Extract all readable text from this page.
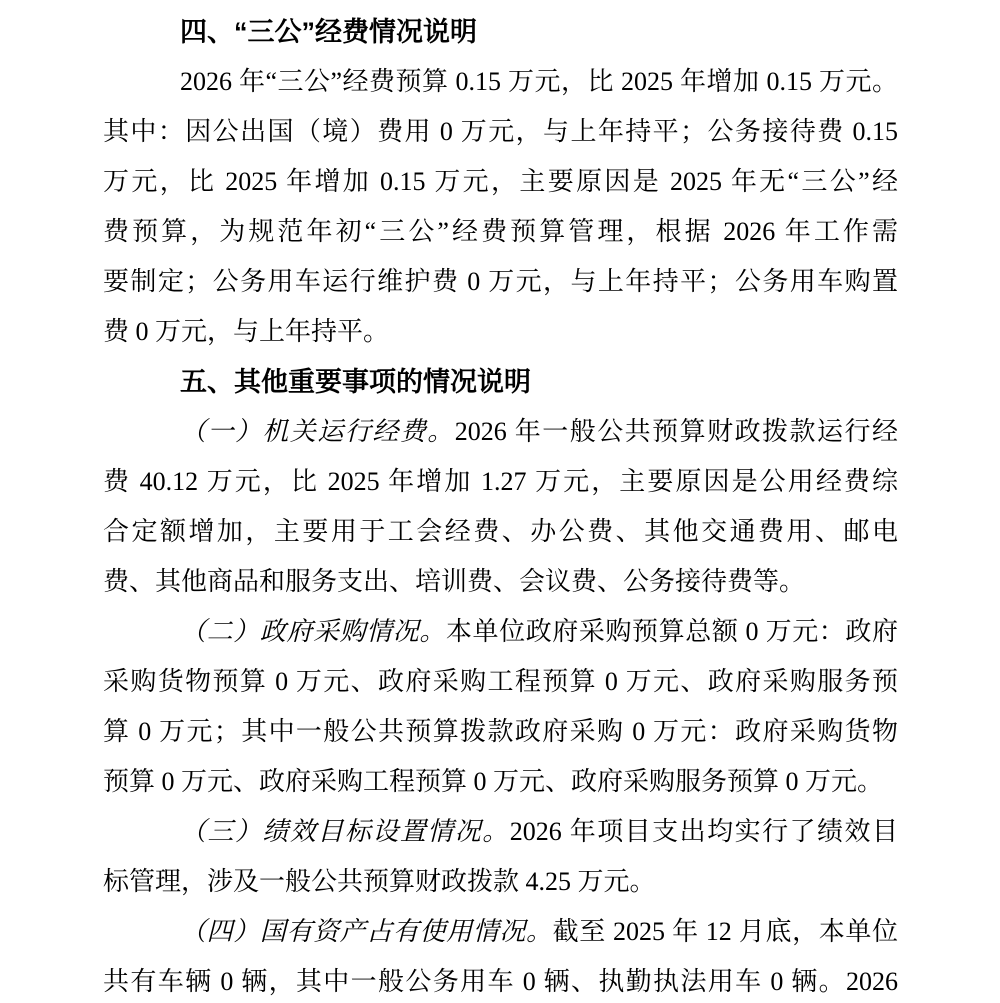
四、“三公”经费情况说明
2026 年“三公”经费预算 0.15 万元，比 2025 年增加 0.15 万元。
其中：因公出国（境）费用 0 万元，与上年持平；公务接待费 0.15
万元，比 2025 年增加 0.15 万元，主要原因是 2025 年无“三公”经
费预算，为规范年初“三公”经费预算管理，根据 2026 年工作需
要制定；公务用车运行维护费 0 万元，与上年持平；公务用车购置
费 0 万元，与上年持平。
五、其他重要事项的情况说明
（一）机关运行经费。2026 年一般公共预算财政拨款运行经
费 40.12 万元，比 2025 年增加 1.27 万元，主要原因是公用经费综
合定额增加，主要用于工会经费、办公费、其他交通费用、邮电
费、其他商品和服务支出、培训费、会议费、公务接待费等。
（二）政府采购情况。本单位政府采购预算总额 0 万元：政府
采购货物预算 0 万元、政府采购工程预算 0 万元、政府采购服务预
算 0 万元；其中一般公共预算拨款政府采购 0 万元：政府采购货物
预算 0 万元、政府采购工程预算 0 万元、政府采购服务预算 0 万元。
（三）绩效目标设置情况。2026 年项目支出均实行了绩效目
标管理，涉及一般公共预算财政拨款 4.25 万元。
（四）国有资产占有使用情况。截至 2025 年 12 月底，本单位
共有车辆 0 辆，其中一般公务用车 0 辆、执勤执法用车 0 辆。2026
